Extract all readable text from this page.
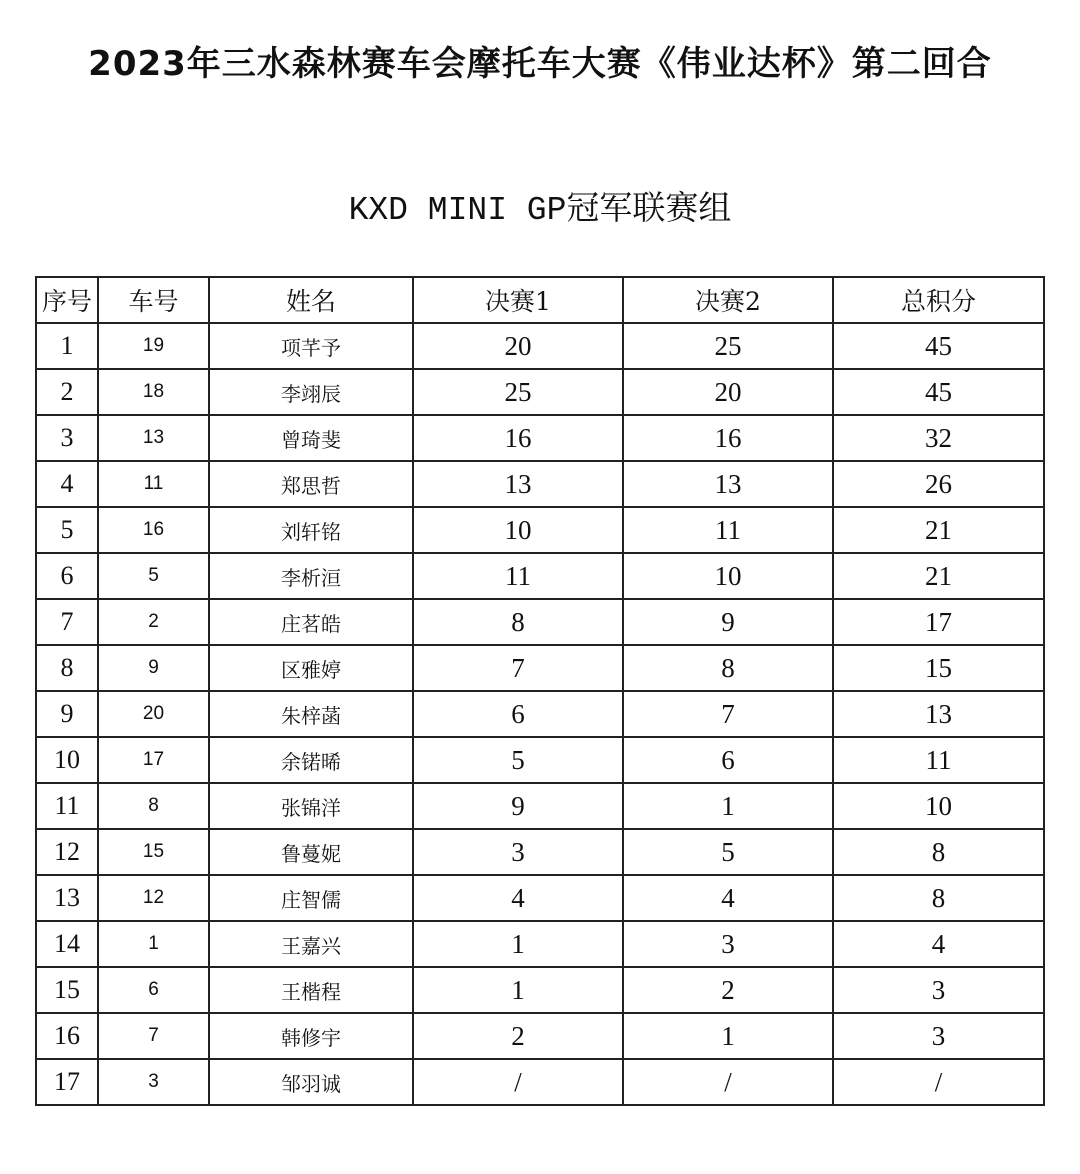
2023年三水森林赛车会摩托车大赛《伟业达杯》第二回合
KXD MINI GP冠军联赛组
序号	车号	姓名	决赛1	决赛2	总积分
1	19	项芊予	20	25	45
2	18	李翊辰	25	20	45
3	13	曾琦斐	16	16	32
4	11	郑思哲	13	13	26
5	16	刘轩铭	10	11	21
6	5	李析洹	11	10	21
7	2	庄茗皓	8	9	17
8	9	区雅婷	7	8	15
9	20	朱梓菡	6	7	13
10	17	余锘晞	5	6	11
11	8	张锦洋	9	1	10
12	15	鲁蔓妮	3	5	8
13	12	庄智儒	4	4	8
14	1	王嘉兴	1	3	4
15	6	王楷程	1	2	3
16	7	韩修宇	2	1	3
17	3	邹羽诚	/	/	/
